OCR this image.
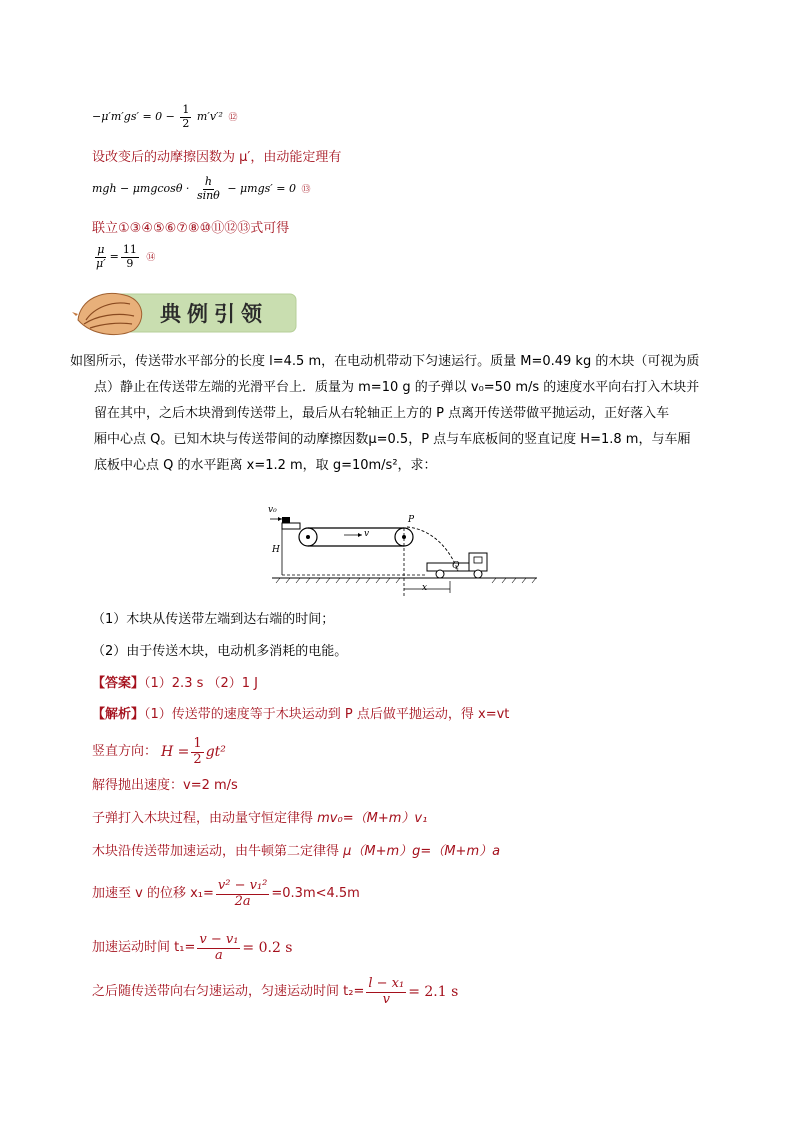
$-\mu'm'gs' = 0 - \frac{1}{2} m'v'^2$ ⑫
设改变后的动摩擦因数为 μ′，由动能定理有
mgh − $\mu mgcos\theta \cdot \frac{h}{\sin\theta} - \mu mgs' = 0$ ⑬
联立①③④⑤⑥⑦⑧⑩⑪⑫⑬式可得
$\frac{\mu}{\mu'} = \frac{11}{9}$ ⑭
典例引领
如图所示，传送带水平部分的长度 l=4.5 m，在电动机带动下匀速运行。质量 M=0.49 kg 的木块（可视为质
点）静止在传送带左端的光滑平台上．质量为 m=10 g 的子弹以 v₀=50 m/s 的速度水平向右打入木块并
留在其中，之后木块滑到传送带上，最后从右轮轴正上方的 P 点离开传送带做平抛运动，正好落入车
厢中心点 Q。已知木块与传送带间的动摩擦因数μ=0.5，P 点与车底板间的竖直记度 H=1.8 m，与车厢
底板中心点 Q 的水平距离 x=1.2 m，取 g=10m/s²，求：
v₀
v
P
H
Q
x
（1）木块从传送带左端到达右端的时间；
（2）由于传送木块，电动机多消耗的电能。
【答案】（1）2.3 s （2）1 J
【解析】（1）传送带的速度等于木块运动到 P 点后做平抛运动，得 x=vt
竖直方向： $H = \frac{1}{2} gt^2$
解得抛出速度：v=2 m/s
子弹打入木块过程，由动量守恒定律得 mv₀=（M+m）v₁
木块沿传送带加速运动，由牛顿第二定律得 μ（M+m）g=（M+m）a
加速至 v 的位移 $x_1= \frac{\text{v² − v₁²}}{2a} =0.3m<4.5m$
加速运动时间 $t_1= \frac{\text{v − v₁}}{a} = 0.2$ s
之后随传送带向右匀速运动，匀速运动时间 $t_2= \frac{\text{l − x₁}}{v} = 2.1$ s
